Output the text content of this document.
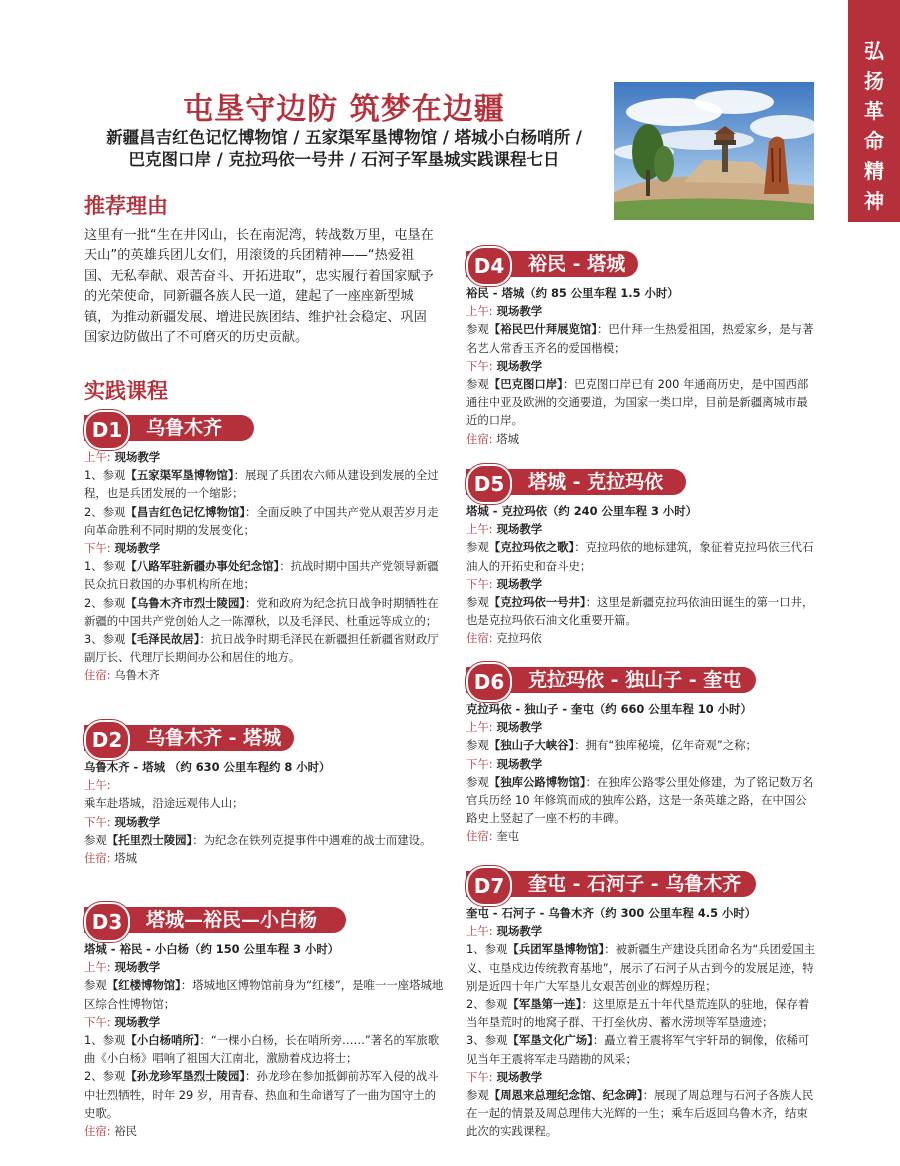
弘
扬
革
命
精
神
屯垦守边防 筑梦在边疆
新疆昌吉红色记忆博物馆 / 五家渠军垦博物馆 / 塔城小白杨哨所 /
巴克图口岸 / 克拉玛依一号井 / 石河子军垦城实践课程七日
推荐理由
这里有一批“生在井冈山，长在南泥湾，转战数万里，屯垦在天山”的英雄兵团儿女们，用滚烫的兵团精神——“热爱祖国、无私奉献、艰苦奋斗、开拓进取”，忠实履行着国家赋予的光荣使命，同新疆各族人民一道，建起了一座座新型城镇，为推动新疆发展、增进民族团结、维护社会稳定、巩固国家边防做出了不可磨灭的历史贡献。
实践课程
D1	乌鲁木齐

上午: 现场教学

1、参观【五家渠军垦博物馆】：展现了兵团农六师从建设到发展的全过程，也是兵团发展的一个缩影；

2、参观【昌吉红色记忆博物馆】：全面反映了中国共产党从艰苦岁月走向革命胜利不同时期的发展变化；

下午: 现场教学

1、参观【八路军驻新疆办事处纪念馆】：抗战时期中国共产党领导新疆民众抗日救国的办事机构所在地；

2、参观【乌鲁木齐市烈士陵园】：党和政府为纪念抗日战争时期牺牲在新疆的中国共产党创始人之一陈潭秋，以及毛泽民、杜重远等成立的；

3、参观【毛泽民故居】：抗日战争时期毛泽民在新疆担任新疆省财政厅副厅长、代理厅长期间办公和居住的地方。

住宿: 乌鲁木齐

D2	乌鲁木齐 - 塔城

乌鲁木齐 - 塔城 （约 630 公里车程约 8 小时）

上午:

乘车赴塔城，沿途远观伟人山；

下午: 现场教学

参观【托里烈士陵园】：为纪念在铁列克提事件中遇难的战士而建设。

住宿: 塔城

D3	塔城—裕民—小白杨

塔城 - 裕民 - 小白杨（约 150 公里车程 3 小时）

上午: 现场教学

参观【红楼博物馆】：塔城地区博物馆前身为“红楼”，是唯一一座塔城地区综合性博物馆；

下午: 现场教学

1、参观【小白杨哨所】：“一棵小白杨，长在哨所旁……”著名的军旅歌曲《小白杨》唱响了祖国大江南北，激励着戍边将士；

2、参观【孙龙珍军垦烈士陵园】：孙龙珍在参加抵御前苏军入侵的战斗中壮烈牺牲，时年 29 岁，用青春、热血和生命谱写了一曲为国守土的史歌。

住宿: 裕民

D4	裕民 - 塔城

裕民 - 塔城（约 85 公里车程 1.5 小时）

上午: 现场教学

参观【裕民巴什拜展览馆】：巴什拜一生热爱祖国，热爱家乡，是与著名艺人常香玉齐名的爱国楷模；

下午: 现场教学

参观【巴克图口岸】：巴克图口岸已有 200 年通商历史，是中国西部通往中亚及欧洲的交通要道，为国家一类口岸，目前是新疆离城市最近的口岸。

住宿: 塔城

D5	塔城 - 克拉玛依

塔城 - 克拉玛依（约 240 公里车程 3 小时）

上午: 现场教学

参观【克拉玛依之歌】：克拉玛依的地标建筑，象征着克拉玛依三代石油人的开拓史和奋斗史；

下午: 现场教学

参观【克拉玛依一号井】：这里是新疆克拉玛依油田诞生的第一口井，也是克拉玛依石油文化重要开篇。

住宿: 克拉玛依

D6	克拉玛依 - 独山子 - 奎屯

克拉玛依 - 独山子 - 奎屯（约 660 公里车程 10 小时）

上午: 现场教学

参观【独山子大峡谷】：拥有“独库秘境，亿年奇观”之称；

下午: 现场教学

参观【独库公路博物馆】：在独库公路零公里处修建，为了铭记数万名官兵历经 10 年修筑而成的独库公路，这是一条英雄之路，在中国公路史上竖起了一座不朽的丰碑。

住宿: 奎屯

D7	奎屯 - 石河子 - 乌鲁木齐

奎屯 - 石河子 - 乌鲁木齐（约 300 公里车程 4.5 小时）

上午: 现场教学

1、参观【兵团军垦博物馆】：被新疆生产建设兵团命名为“兵团爱国主义、屯垦戍边传统教育基地”，展示了石河子从古到今的发展足迹，特别是近四十年广大军垦儿女艰苦创业的辉煌历程；

2、参观【军垦第一连】：这里原是五十年代垦荒连队的驻地，保存着当年垦荒时的地窝子群、干打垒伙房、蓄水涝坝等军垦遗迹；

3、参观【军垦文化广场】：矗立着王震将军气宇轩昂的铜像，依稀可见当年王震将军走马踏勘的风采；

下午: 现场教学

参观【周恩来总理纪念馆、纪念碑】：展现了周总理与石河子各族人民在一起的情景及周总理伟大光辉的一生；乘车后返回乌鲁木齐，结束此次的实践课程。
